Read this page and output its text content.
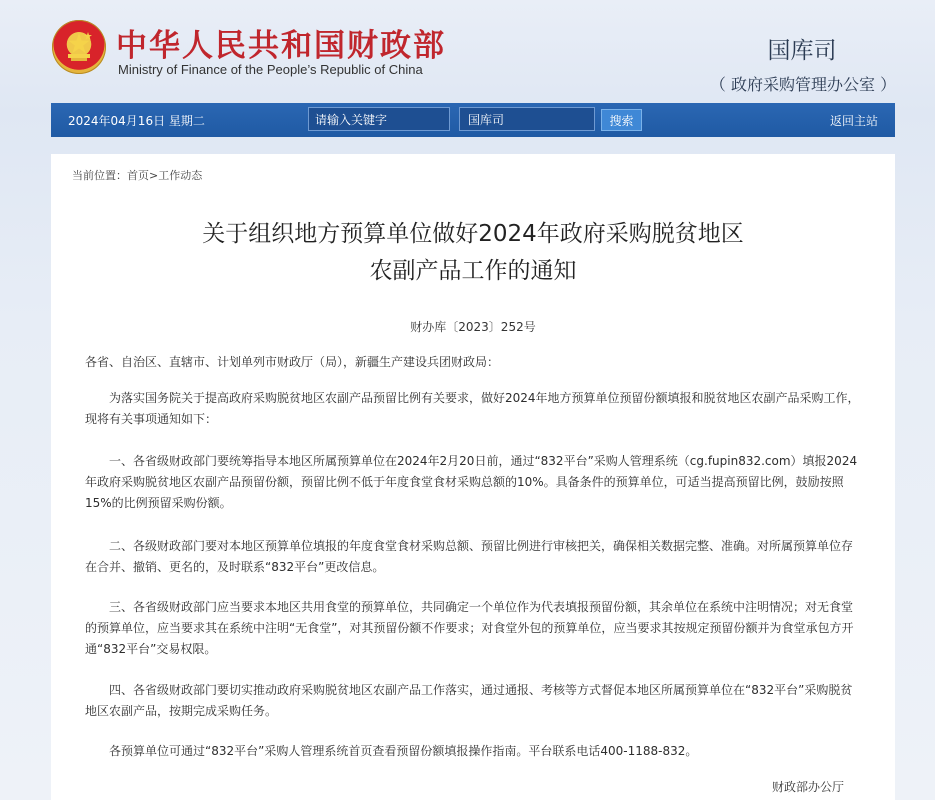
中华人民共和国财政部
Ministry of Finance of the People’s Republic of China
国库司
（ 政府采购管理办公室 ）
2024年04月16日 星期二	请输入关键字	国库司	搜索	返回主站
当前位置：首页>工作动态
关于组织地方预算单位做好2024年政府采购脱贫地区
农副产品工作的通知
财办库〔2023〕252号

各省、自治区、直辖市、计划单列市财政厅（局），新疆生产建设兵团财政局：

为落实国务院关于提高政府采购脱贫地区农副产品预留比例有关要求，做好2024年地方预算单位预留份额填报和脱贫地区农副产品采购工作，现将有关事项通知如下：

一、各省级财政部门要统筹指导本地区所属预算单位在2024年2月20日前，通过“832平台”采购人管理系统（cg.fupin832.com）填报2024年政府采购脱贫地区农副产品预留份额，预留比例不低于年度食堂食材采购总额的10%。具备条件的预算单位，可适当提高预留比例，鼓励按照15%的比例预留采购份额。

二、各级财政部门要对本地区预算单位填报的年度食堂食材采购总额、预留比例进行审核把关，确保相关数据完整、准确。对所属预算单位存在合并、撤销、更名的，及时联系“832平台”更改信息。

三、各省级财政部门应当要求本地区共用食堂的预算单位，共同确定一个单位作为代表填报预留份额，其余单位在系统中注明情况；对无食堂的预算单位，应当要求其在系统中注明“无食堂”，对其预留份额不作要求；对食堂外包的预算单位，应当要求其按规定预留份额并为食堂承包方开通“832平台”交易权限。

四、各省级财政部门要切实推动政府采购脱贫地区农副产品工作落实，通过通报、考核等方式督促本地区所属预算单位在“832平台”采购脱贫地区农副产品，按期完成采购任务。

各预算单位可通过“832平台”采购人管理系统首页查看预留份额填报操作指南。平台联系电话400-1188-832。

财政部办公厅
